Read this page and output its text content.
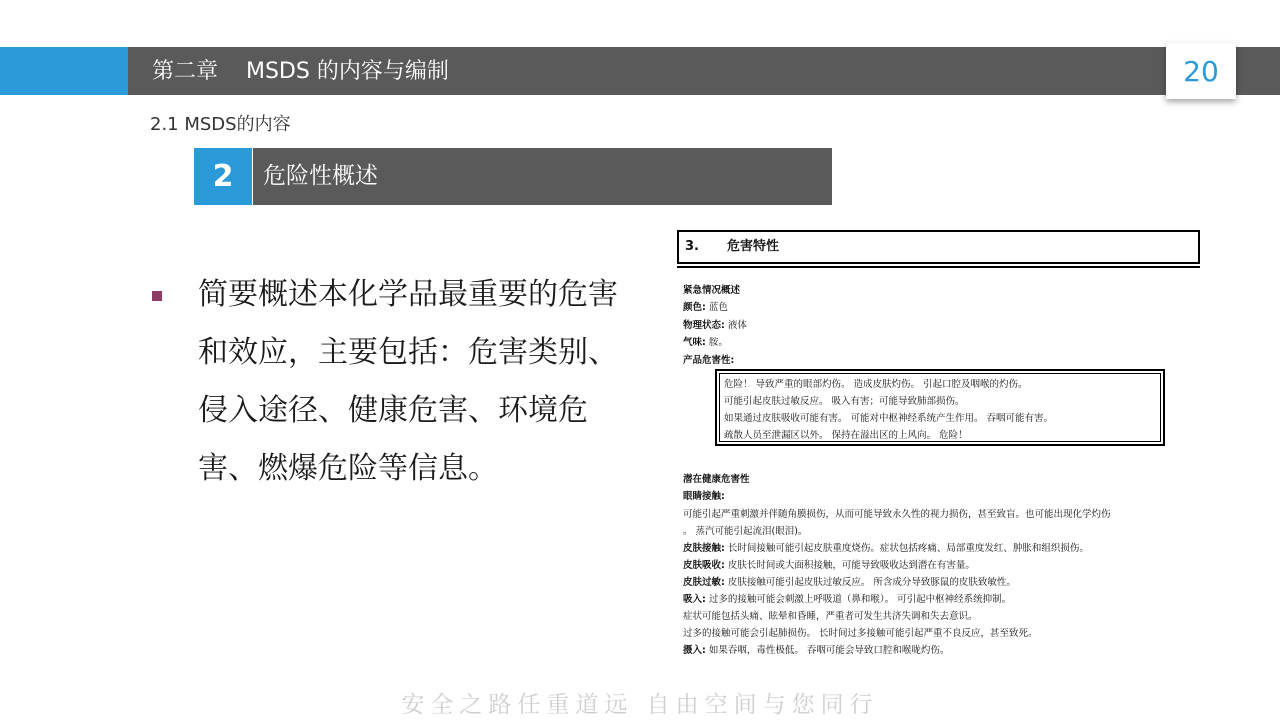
第二章    MSDS 的内容与编制	20
2.1 MSDS的内容
2	危险性概述
简要概述本化学品最重要的危害和效应，主要包括：危害类别、侵入途径、健康危害、环境危害、燃爆危险等信息。
3. 危害特性
紧急情况概述
颜色: 蓝色
物理状态: 液体
气味: 胺。
产品危害性:
危险！ 导致严重的眼部灼伤。 造成皮肤灼伤。 引起口腔及咽喉的灼伤。
可能引起皮肤过敏反应。 吸入有害；可能导致肺部损伤。
如果通过皮肤吸收可能有害。 可能对中枢神经系统产生作用。 吞咽可能有害。
疏散人员至泄漏区以外。 保持在溢出区的上风向。 危险！
潜在健康危害性
眼睛接触:
可能引起严重刺激并伴随角膜损伤，从而可能导致永久性的视力损伤，甚至致盲。也可能出现化学灼伤
。 蒸汽可能引起流泪(眼泪)。
皮肤接触: 长时间接触可能引起皮肤重度烧伤。症状包括疼痛、局部重度发红、肿胀和组织损伤。
皮肤吸收: 皮肤长时间或大面积接触，可能导致吸收达到潜在有害量。
皮肤过敏: 皮肤接触可能引起皮肤过敏反应。 所含成分导致豚鼠的皮肤致敏性。
吸入: 过多的接触可能会刺激上呼吸道（鼻和喉）。 可引起中枢神经系统抑制。
症状可能包括头痛、眩晕和昏睡，严重者可发生共济失调和失去意识。
过多的接触可能会引起肺损伤。 长时间过多接触可能引起严重不良反应，甚至致死。
摄入: 如果吞咽，毒性极低。 吞咽可能会导致口腔和喉咙灼伤。
安全之路任重道远 自由空间与您同行
